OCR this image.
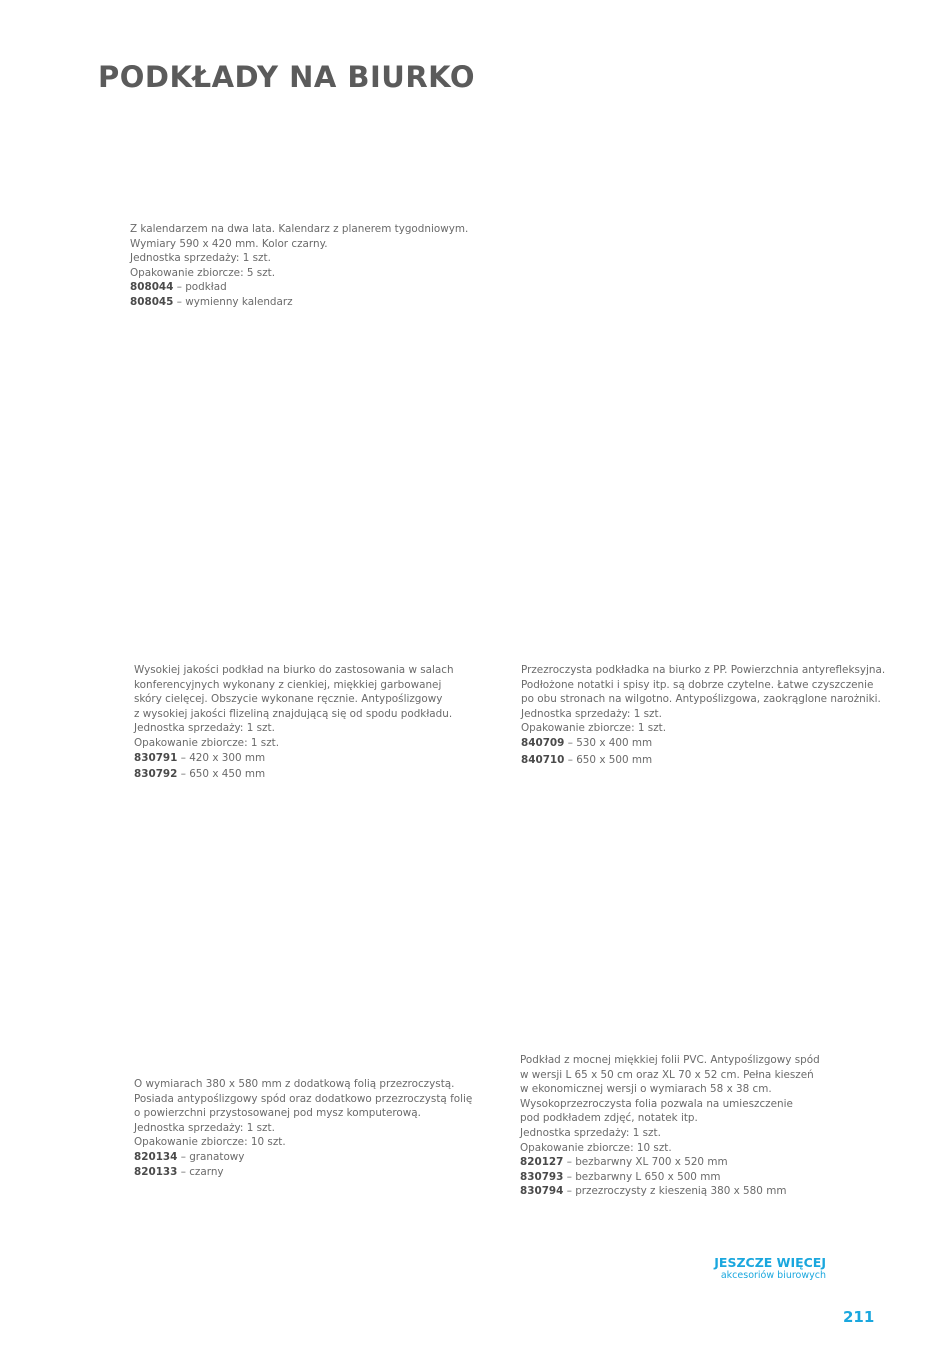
PODKŁADY NA BIURKO
Z kalendarzem na dwa lata. Kalendarz z planerem tygodniowym.
Wymiary 590 x 420 mm. Kolor czarny.
Jednostka sprzedaży: 1 szt.
Opakowanie zbiorcze: 5 szt.
808044 – podkład
808045 – wymienny kalendarz
Wysokiej jakości podkład na biurko do zastosowania w salach
konferencyjnych wykonany z cienkiej, miękkiej garbowanej
skóry cielęcej. Obszycie wykonane ręcznie. Antypoślizgowy
z wysokiej jakości flizeliną znajdującą się od spodu podkładu.
Jednostka sprzedaży: 1 szt.
Opakowanie zbiorcze: 1 szt.
830791 – 420 x 300 mm
830792 – 650 x 450 mm
Przezroczysta podkładka na biurko z PP. Powierzchnia antyrefleksyjna.
Podłożone notatki i spisy itp. są dobrze czytelne. Łatwe czyszczenie
po obu stronach na wilgotno. Antypoślizgowa, zaokrąglone narożniki.
Jednostka sprzedaży: 1 szt.
Opakowanie zbiorcze: 1 szt.
840709 – 530 x 400 mm
840710 – 650 x 500 mm
O wymiarach 380 x 580 mm z dodatkową folią przezroczystą.
Posiada antypoślizgowy spód oraz dodatkowo przezroczystą folię
o powierzchni przystosowanej pod mysz komputerową.
Jednostka sprzedaży: 1 szt.
Opakowanie zbiorcze: 10 szt.
820134 – granatowy
820133 – czarny
Podkład z mocnej miękkiej folii PVC. Antypoślizgowy spód
w wersji L 65 x 50 cm oraz XL 70 x 52 cm. Pełna kieszeń
w ekonomicznej wersji o wymiarach 58 x 38 cm.
Wysokoprzezroczysta folia pozwala na umieszczenie
pod podkładem zdjęć, notatek itp.
Jednostka sprzedaży: 1 szt.
Opakowanie zbiorcze: 10 szt.
820127 – bezbarwny XL 700 x 520 mm
830793 – bezbarwny L 650 x 500 mm
830794 – przezroczysty z kieszenią 380 x 580 mm
JESZCZE WIĘCEJ
akcesoriów biurowych
211
